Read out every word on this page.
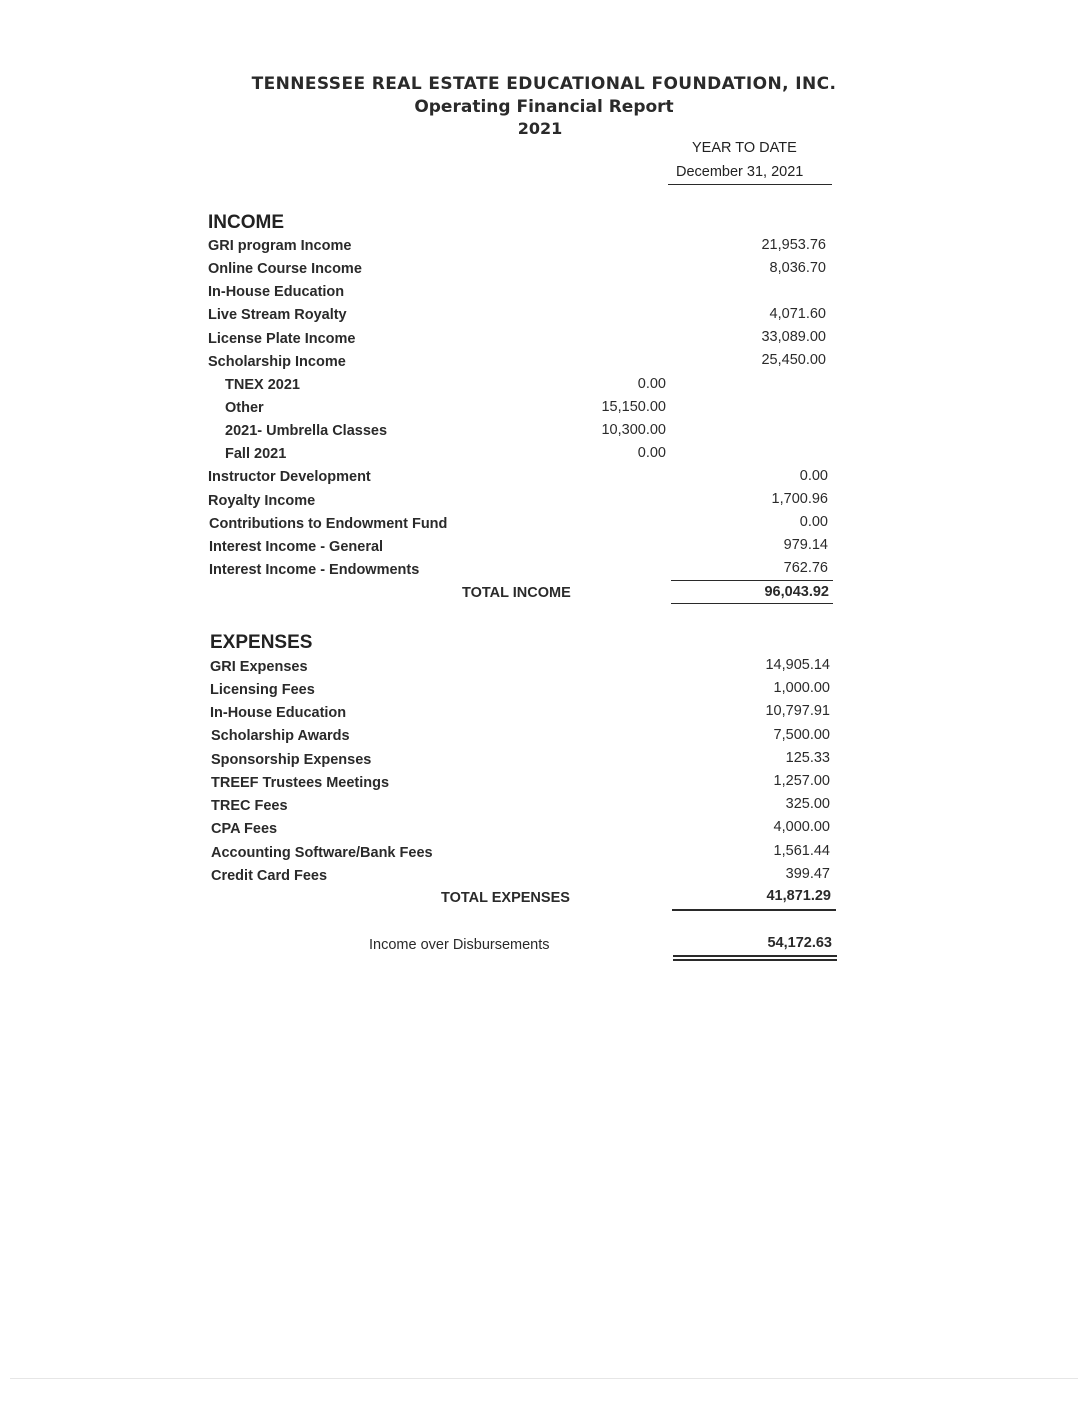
TENNESSEE REAL ESTATE EDUCATIONAL FOUNDATION, INC.
Operating Financial Report
2021
YEAR TO DATE
December 31, 2021
INCOME
GRI program Income	21,953.76
Online Course Income	8,036.70
In-House Education
Live Stream Royalty	4,071.60
License Plate Income	33,089.00
Scholarship Income	25,450.00
TNEX 2021	0.00
Other	15,150.00
2021- Umbrella Classes	10,300.00
Fall 2021	0.00
Instructor Development	0.00
Royalty Income	1,700.96
Contributions to Endowment Fund	0.00
Interest Income - General	979.14
Interest Income - Endowments	762.76
TOTAL INCOME	96,043.92
EXPENSES
GRI Expenses	14,905.14
Licensing Fees	1,000.00
In-House Education	10,797.91
Scholarship Awards	7,500.00
Sponsorship Expenses	125.33
TREEF Trustees Meetings	1,257.00
TREC Fees	325.00
CPA Fees	4,000.00
Accounting Software/Bank Fees	1,561.44
Credit Card Fees	399.47
TOTAL EXPENSES	41,871.29
Income over Disbursements	54,172.63
